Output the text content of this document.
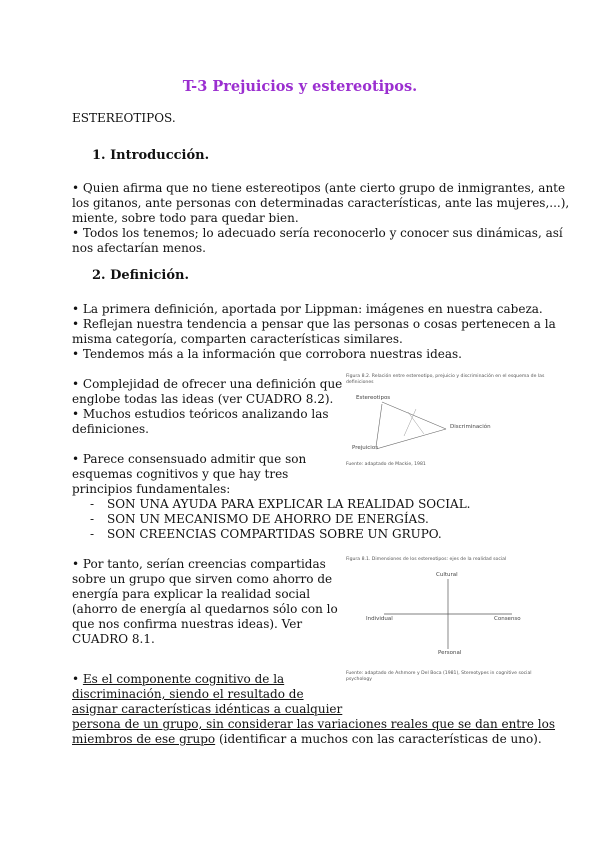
T-3 Prejuicios y estereotipos.
ESTEREOTIPOS.
1. Introducción.
• Quien afirma que no tiene estereotipos (ante cierto grupo de inmigrantes, ante
los gitanos, ante personas con determinadas características, ante las mujeres,...),
miente, sobre todo para quedar bien.
• Todos los tenemos; lo adecuado sería reconocerlo y conocer sus dinámicas, así
nos afectarían menos.
2. Definición.
• La primera definición, aportada por Lippman: imágenes en nuestra cabeza.
• Reflejan nuestra tendencia a pensar que las personas o cosas pertenecen a la
misma categoría, comparten características similares.
• Tendemos más a la información que corrobora nuestras ideas.
• Complejidad de ofrecer una definición que
englobe todas las ideas (ver CUADRO 8.2).
• Muchos estudios teóricos analizando las
definiciones.
• Parece consensuado admitir que son
esquemas cognitivos y que hay tres
principios fundamentales:
- SON UNA AYUDA PARA EXPLICAR LA REALIDAD SOCIAL.
- SON UN MECANISMO DE AHORRO DE ENERGÍAS.
- SON CREENCIAS COMPARTIDAS SOBRE UN GRUPO.
• Por tanto, serían creencias compartidas
sobre un grupo que sirven como ahorro de
energía para explicar la realidad social
(ahorro de energía al quedarnos sólo con lo
que nos confirma nuestras ideas). Ver
CUADRO 8.1.
• Es el componente cognitivo de la
discriminación, siendo el resultado de
asignar características idénticas a cualquier
persona de un grupo, sin considerar las variaciones reales que se dan entre los
miembros de ese grupo (identificar a muchos con las características de uno).
Figura 8.2. Relación entre estereotipo, prejuicio y discriminación en el esquema de las definiciones
Estereotipos
Prejuicios
Discriminación
Fuente: adaptado de Mackie, 1981
Figura 8.1. Dimensiones de los estereotipos: ejes de la realidad social
Cultural
Individual	Consenso
Personal
Fuente: adaptado de Ashmore y Del Boca (1981), Stereotypes in cognitive social psychology
